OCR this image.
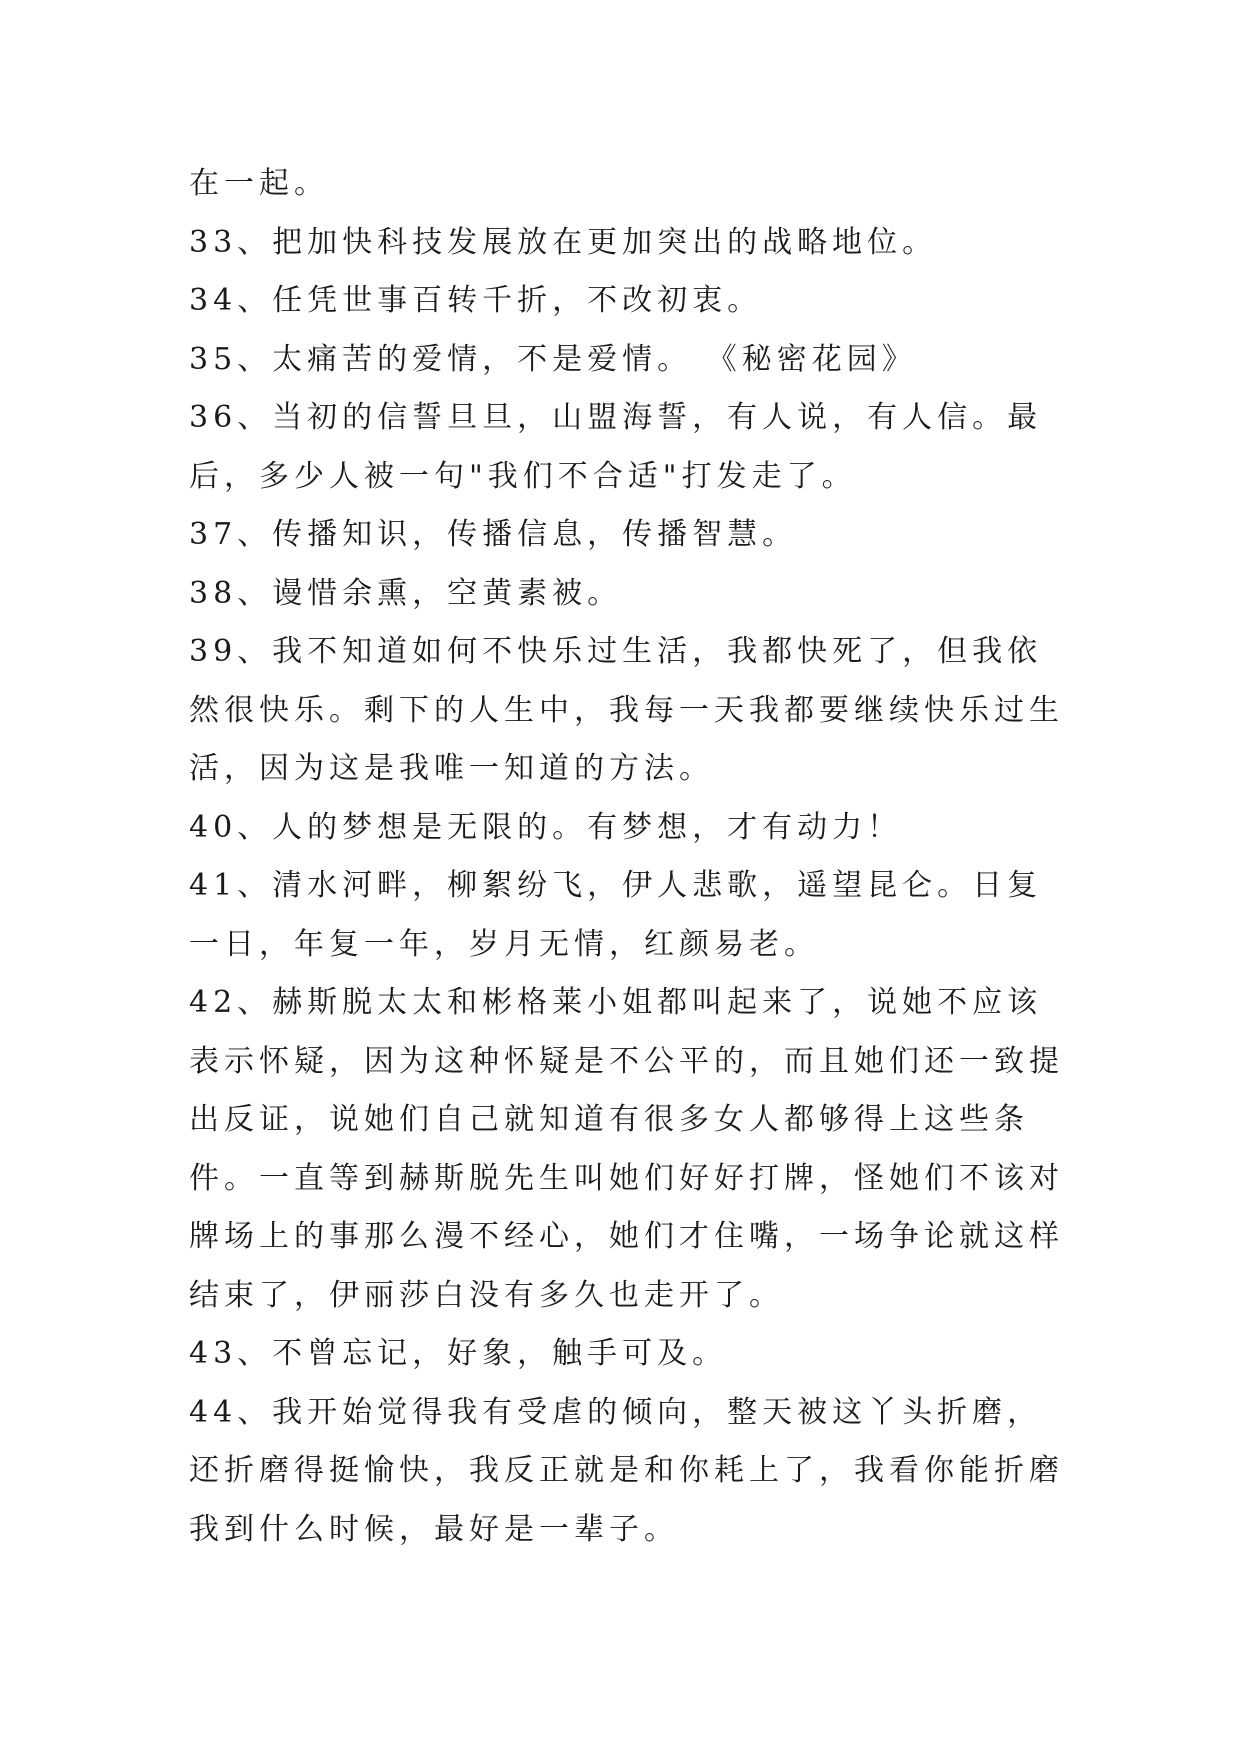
在一起。

33、把加快科技发展放在更加突出的战略地位。

34、任凭世事百转千折，不改初衷。

35、太痛苦的爱情，不是爱情。 《秘密花园》

36、当初的信誓旦旦，山盟海誓，有人说，有人信。最后，多少人被一句"我们不合适"打发走了。

37、传播知识，传播信息，传播智慧。

38、谩惜余熏，空黄素被。

39、我不知道如何不快乐过生活，我都快死了，但我依然很快乐。剩下的人生中，我每一天我都要继续快乐过生活，因为这是我唯一知道的方法。

40、人的梦想是无限的。有梦想，才有动力！

41、清水河畔，柳絮纷飞，伊人悲歌，遥望昆仑。日复一日，年复一年，岁月无情，红颜易老。

42、赫斯脱太太和彬格莱小姐都叫起来了，说她不应该表示怀疑，因为这种怀疑是不公平的，而且她们还一致提出反证，说她们自己就知道有很多女人都够得上这些条件。一直等到赫斯脱先生叫她们好好打牌，怪她们不该对牌场上的事那么漫不经心，她们才住嘴，一场争论就这样结束了，伊丽莎白没有多久也走开了。

43、不曾忘记，好象，触手可及。

44、我开始觉得我有受虐的倾向，整天被这丫头折磨，还折磨得挺愉快，我反正就是和你耗上了，我看你能折磨我到什么时候，最好是一辈子。
